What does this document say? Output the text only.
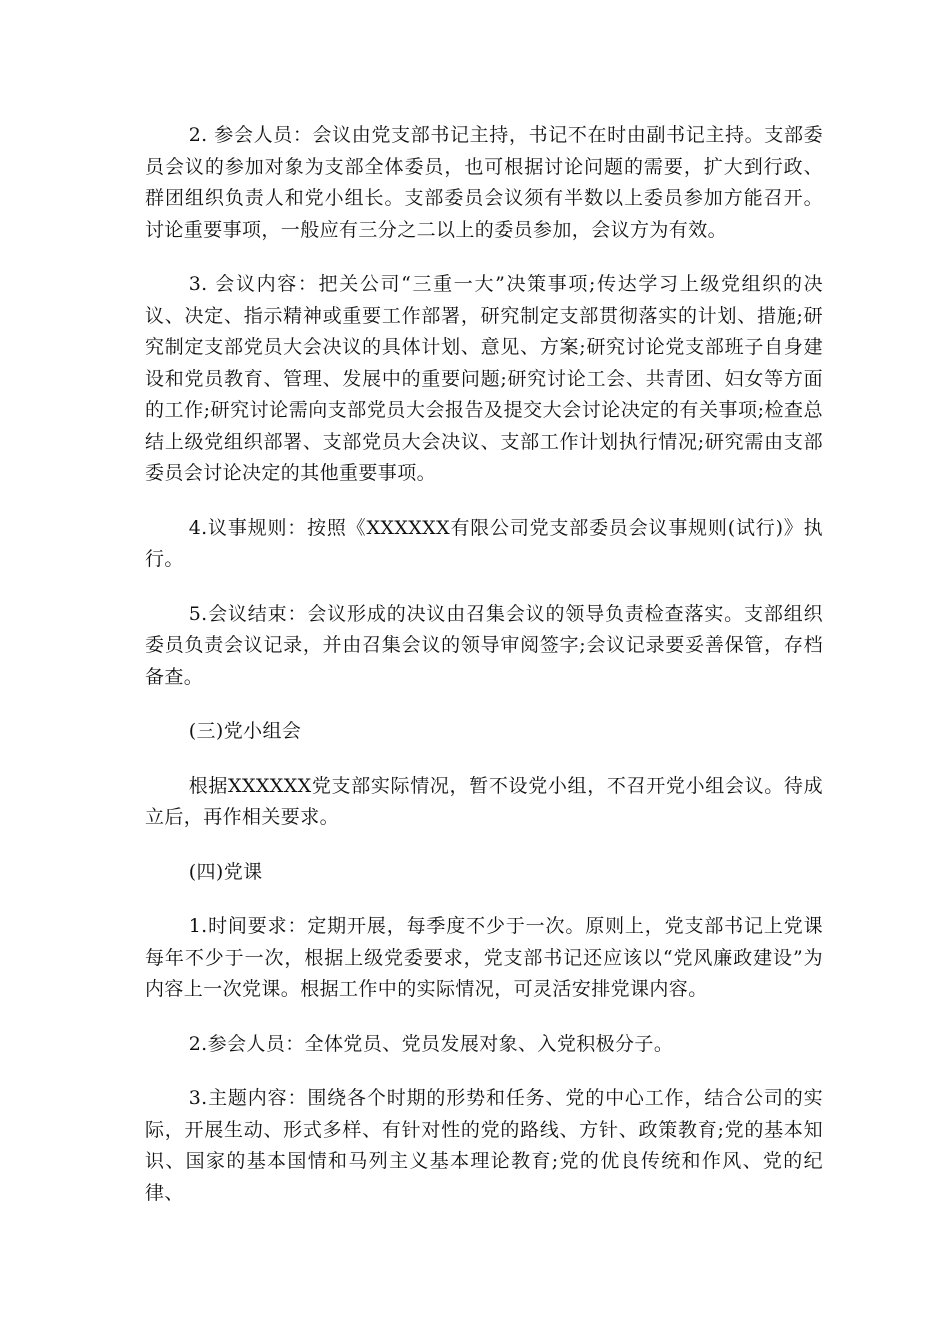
2. 参会人员：会议由党支部书记主持，书记不在时由副书记主持。支部委员会议的参加对象为支部全体委员，也可根据讨论问题的需要，扩大到行政、群团组织负责人和党小组长。支部委员会议须有半数以上委员参加方能召开。讨论重要事项，一般应有三分之二以上的委员参加，会议方为有效。

3. 会议内容：把关公司“三重一大”决策事项;传达学习上级党组织的决议、决定、指示精神或重要工作部署，研究制定支部贯彻落实的计划、措施;研究制定支部党员大会决议的具体计划、意见、方案;研究讨论党支部班子自身建设和党员教育、管理、发展中的重要问题;研究讨论工会、共青团、妇女等方面的工作;研究讨论需向支部党员大会报告及提交大会讨论决定的有关事项;检查总结上级党组织部署、支部党员大会决议、支部工作计划执行情况;研究需由支部委员会讨论决定的其他重要事项。

4.议事规则：按照《XXXXXX有限公司党支部委员会议事规则(试行)》执行。

5.会议结束：会议形成的决议由召集会议的领导负责检查落实。支部组织委员负责会议记录，并由召集会议的领导审阅签字;会议记录要妥善保管，存档备查。

(三)党小组会

根据XXXXXX党支部实际情况，暂不设党小组，不召开党小组会议。待成立后，再作相关要求。

(四)党课

1.时间要求：定期开展，每季度不少于一次。原则上，党支部书记上党课每年不少于一次，根据上级党委要求，党支部书记还应该以“党风廉政建设”为内容上一次党课。根据工作中的实际情况，可灵活安排党课内容。

2.参会人员：全体党员、党员发展对象、入党积极分子。

3.主题内容：围绕各个时期的形势和任务、党的中心工作，结合公司的实际，开展生动、形式多样、有针对性的党的路线、方针、政策教育;党的基本知识、国家的基本国情和马列主义基本理论教育;党的优良传统和作风、党的纪律、
